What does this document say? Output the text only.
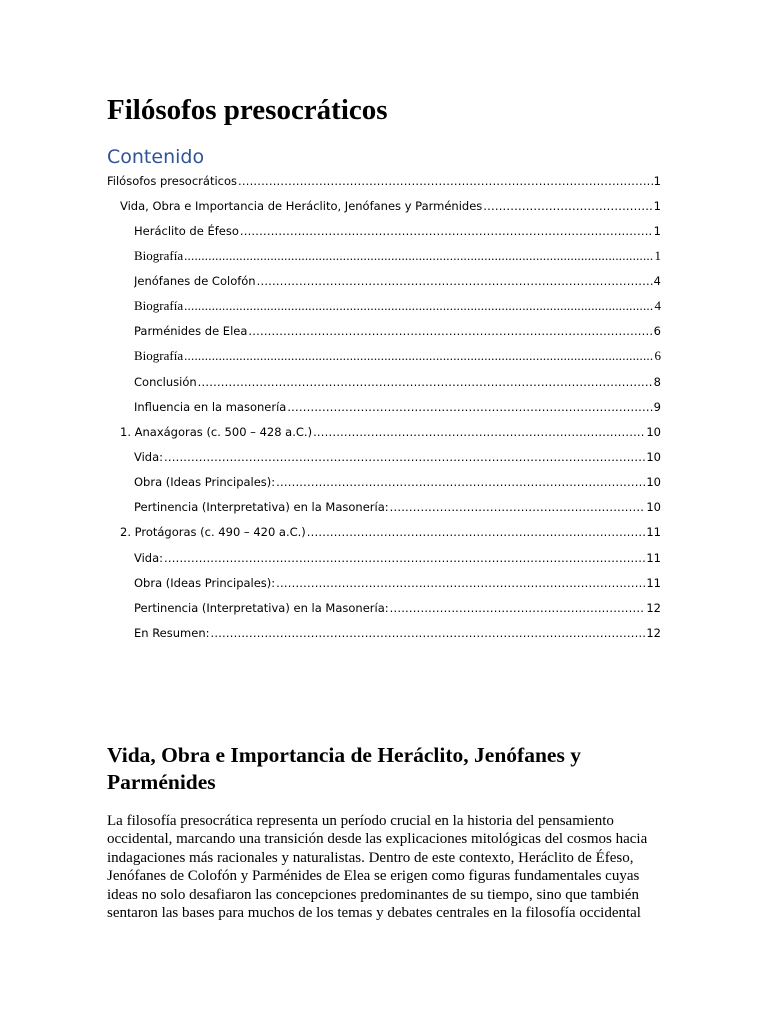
Filósofos presocráticos
Contenido
Filósofos presocráticos .....	1
Vida, Obra e Importancia de Heráclito, Jenófanes y Parménides .....	1
Heráclito de Éfeso .....	1
Biografía .....	1
Jenófanes de Colofón .....	4
Biografía .....	4
Parménides de Elea .....	6
Biografía .....	6
Conclusión .....	8
Influencia en la masonería .....	9
1. Anaxágoras (c. 500 – 428 a.C.) .....	10
Vida: .....	10
Obra (Ideas Principales): .....	10
Pertinencia (Interpretativa) en la Masonería: .....	10
2. Protágoras (c. 490 – 420 a.C.) .....	11
Vida: .....	11
Obra (Ideas Principales): .....	11
Pertinencia (Interpretativa) en la Masonería: .....	12
En Resumen: .....	12
Vida, Obra e Importancia de Heráclito, Jenófanes y Parménides

La filosofía presocrática representa un período crucial en la historia del pensamiento occidental, marcando una transición desde las explicaciones mitológicas del cosmos hacia indagaciones más racionales y naturalistas. Dentro de este contexto, Heráclito de Éfeso, Jenófanes de Colofón y Parménides de Elea se erigen como figuras fundamentales cuyas ideas no solo desafiaron las concepciones predominantes de su tiempo, sino que también sentaron las bases para muchos de los temas y debates centrales en la filosofía occidental
